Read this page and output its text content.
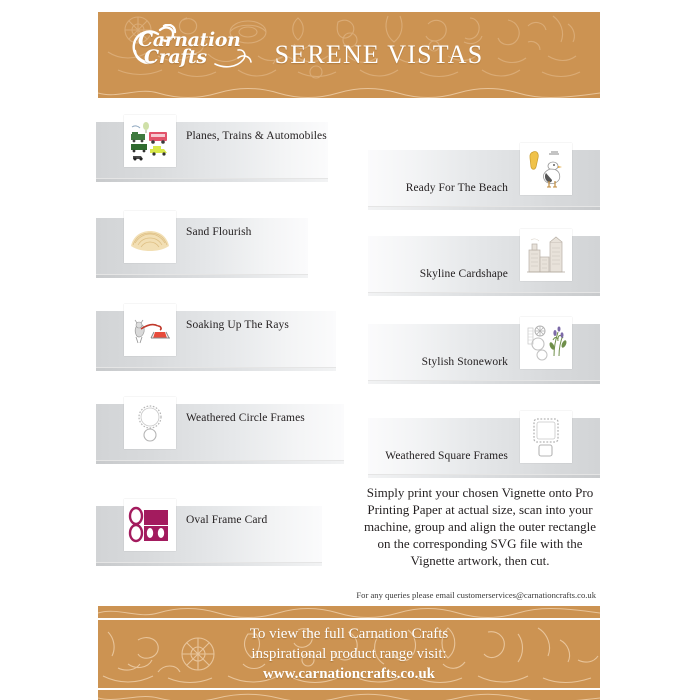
Carnation
Crafts	SERENE VISTAS
Planes, Trains & Automobiles
Sand Flourish
Soaking Up The Rays
Weathered Circle Frames
Oval Frame Card
Ready For The Beach
Skyline Cardshape
Stylish Stonework
Weathered Square Frames
Simply print your chosen Vignette onto Pro Printing Paper at actual size, scan into your machine, group and align the outer rectangle on the corresponding SVG file with the Vignette artwork, then cut.
For any queries please email customerservices@carnationcrafts.co.uk
To view the full Carnation Crafts
inspirational product range visit:
www.carnationcrafts.co.uk
